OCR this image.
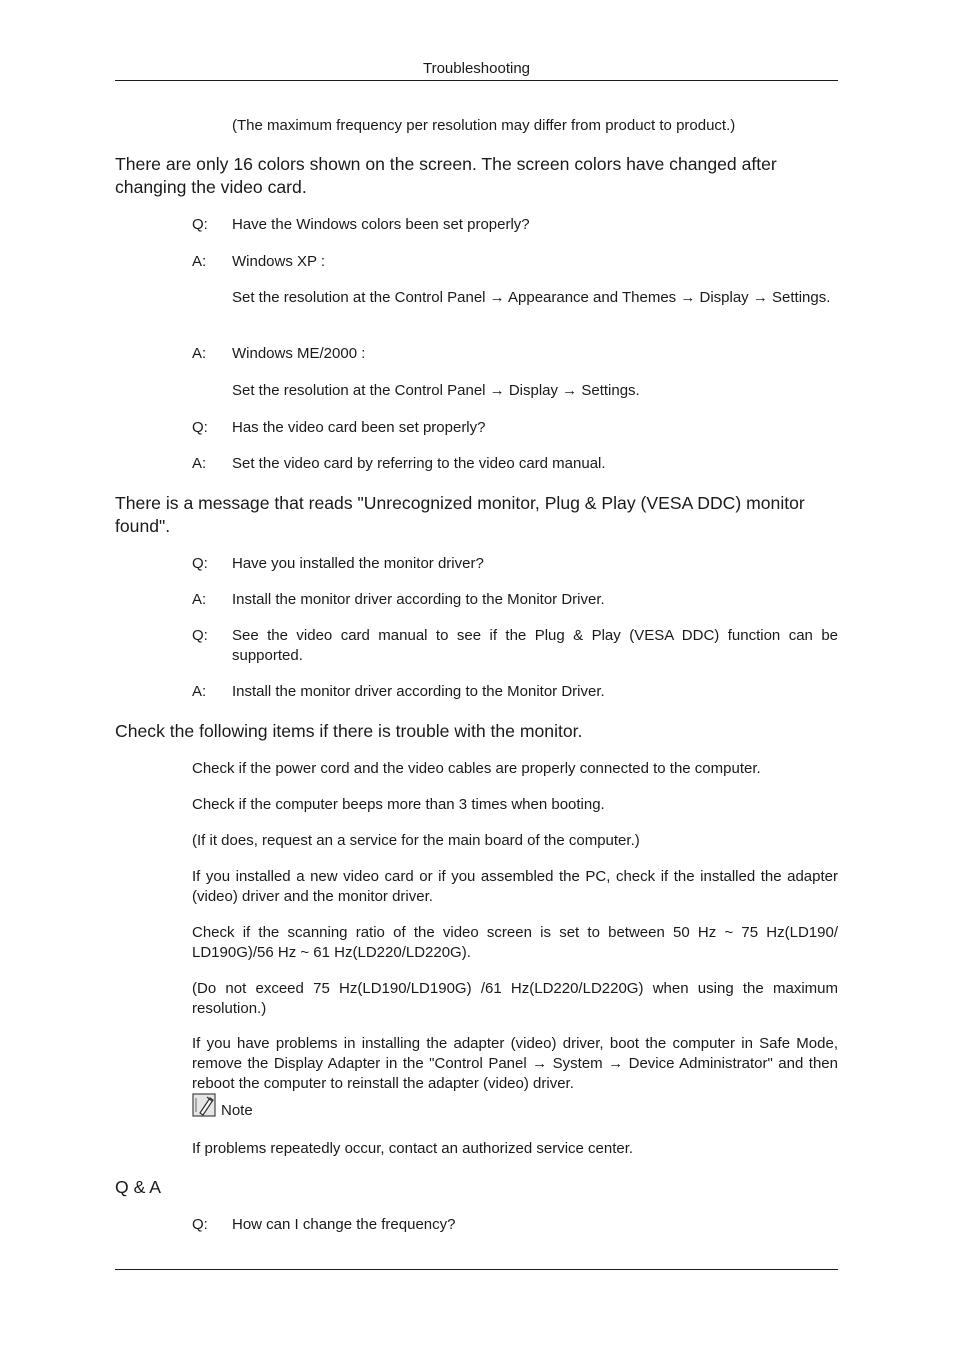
Troubleshooting
(The maximum frequency per resolution may differ from product to product.)
There are only 16 colors shown on the screen. The screen colors have changed after changing the video card.
Q: Have the Windows colors been set properly?
A: Windows XP :
Set the resolution at the Control Panel → Appearance and Themes → Display → Settings.
A: Windows ME/2000 :
Set the resolution at the Control Panel → Display → Settings.
Q: Has the video card been set properly?
A: Set the video card by referring to the video card manual.
There is a message that reads "Unrecognized monitor, Plug & Play (VESA DDC) monitor found".
Q: Have you installed the monitor driver?
A: Install the monitor driver according to the Monitor Driver.
Q: See the video card manual to see if the Plug & Play (VESA DDC) function can be supported.
A: Install the monitor driver according to the Monitor Driver.
Check the following items if there is trouble with the monitor.
Check if the power cord and the video cables are properly connected to the computer.
Check if the computer beeps more than 3 times when booting.
(If it does, request an a service for the main board of the computer.)
If you installed a new video card or if you assembled the PC, check if the installed the adapter (video) driver and the monitor driver.
Check if the scanning ratio of the video screen is set to between 50 Hz ~ 75 Hz(LD190/ LD190G)/56 Hz ~ 61 Hz(LD220/LD220G).
(Do not exceed 75 Hz(LD190/LD190G) /61 Hz(LD220/LD220G) when using the maximum resolution.)
If you have problems in installing the adapter (video) driver, boot the computer in Safe Mode, remove the Display Adapter in the "Control Panel → System → Device Administrator" and then reboot the computer to reinstall the adapter (video) driver.
Note
If problems repeatedly occur, contact an authorized service center.
Q & A
Q: How can I change the frequency?
